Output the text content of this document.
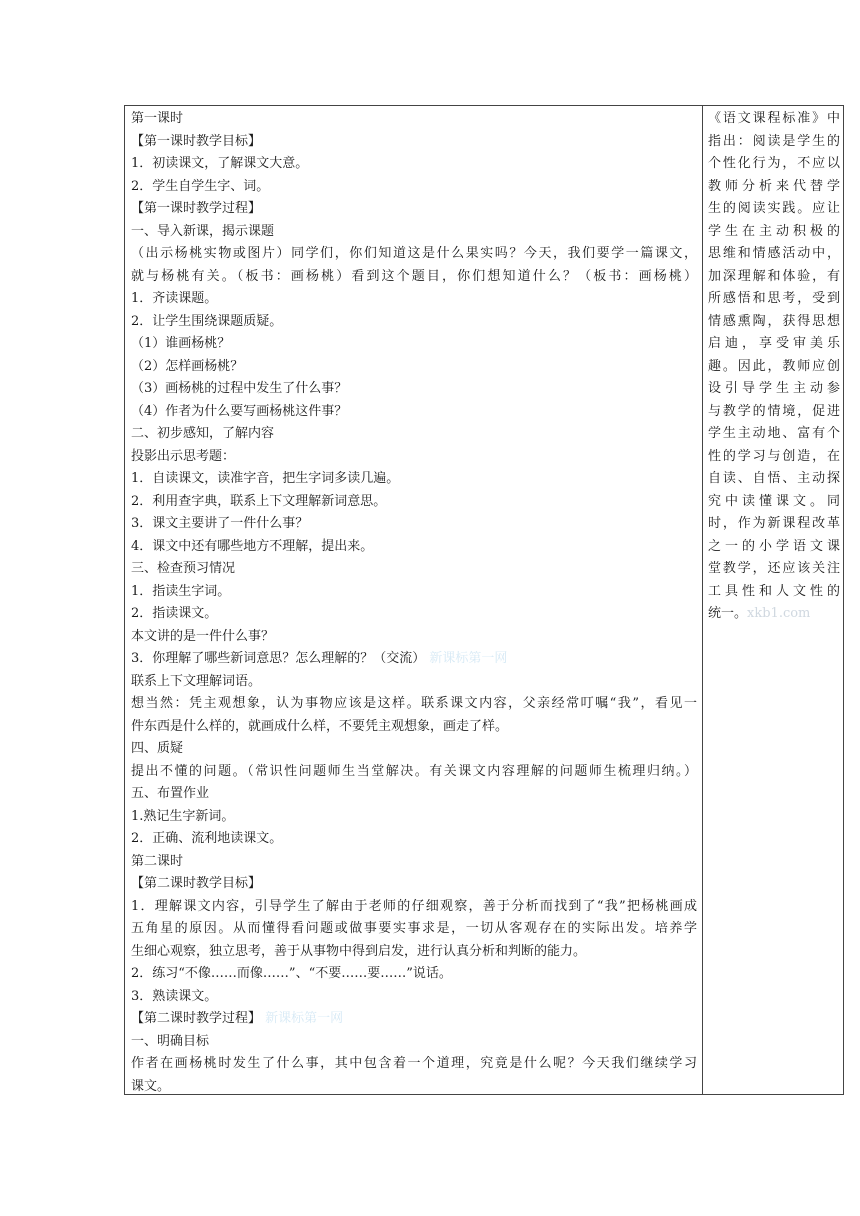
第一课时
【第一课时教学目标】
1．初读课文，了解课文大意。
2．学生自学生字、词。
【第一课时教学过程】
一、导入新课，揭示课题
（出示杨桃实物或图片）同学们，你们知道这是什么果实吗？今天，我们要学一篇课文，
就与杨桃有关。（板书：画杨桃）看到这个题目，你们想知道什么？（板书：画杨桃）
1．齐读课题。
2．让学生围绕课题质疑。
（1）谁画杨桃？
（2）怎样画杨桃？
（3）画杨桃的过程中发生了什么事？
（4）作者为什么要写画杨桃这件事？
二、初步感知，了解内容
投影出示思考题：
1．自读课文，读准字音，把生字词多读几遍。
2．利用查字典，联系上下文理解新词意思。
3．课文主要讲了一件什么事？
4．课文中还有哪些地方不理解，提出来。
三、检查预习情况
1．指读生字词。
2．指读课文。
本文讲的是一件什么事？
3．你理解了哪些新词意思？怎么理解的？（交流） 新课标第一网
联系上下文理解词语。
想当然：凭主观想象，认为事物应该是这样。联系课文内容，父亲经常叮嘱“我”，看见一
件东西是什么样的，就画成什么样，不要凭主观想象，画走了样。
四、质疑
提出不懂的问题。（常识性问题师生当堂解决。有关课文内容理解的问题师生梳理归纳。）
五、布置作业
1.熟记生字新词。
2．正确、流利地读课文。
第二课时
【第二课时教学目标】
1．理解课文内容，引导学生了解由于老师的仔细观察，善于分析而找到了“我”把杨桃画成
五角星的原因。从而懂得看问题或做事要实事求是，一切从客观存在的实际出发。培养学
生细心观察，独立思考，善于从事物中得到启发，进行认真分析和判断的能力。
2．练习“不像……而像……”、“不要……要……”说话。
3．熟读课文。
【第二课时教学过程】 新课标第一网
一、明确目标
作者在画杨桃时发生了什么事，其中包含着一个道理，究竟是什么呢？今天我们继续学习
课文。
《语文课程标准》中
指出：阅读是学生的
个性化行为，不应以
教师分析来代替学
生的阅读实践。应让
学生在主动积极的
思维和情感活动中，
加深理解和体验，有
所感悟和思考，受到
情感熏陶，获得思想
启迪，享受审美乐
趣。因此，教师应创
设引导学生主动参
与教学的情境，促进
学生主动地、富有个
性的学习与创造，在
自读、自悟、主动探
究中读懂课文。同
时，作为新课程改革
之一的小学语文课
堂教学，还应该关注
工具性和人文性的
统一。xkb1.com
